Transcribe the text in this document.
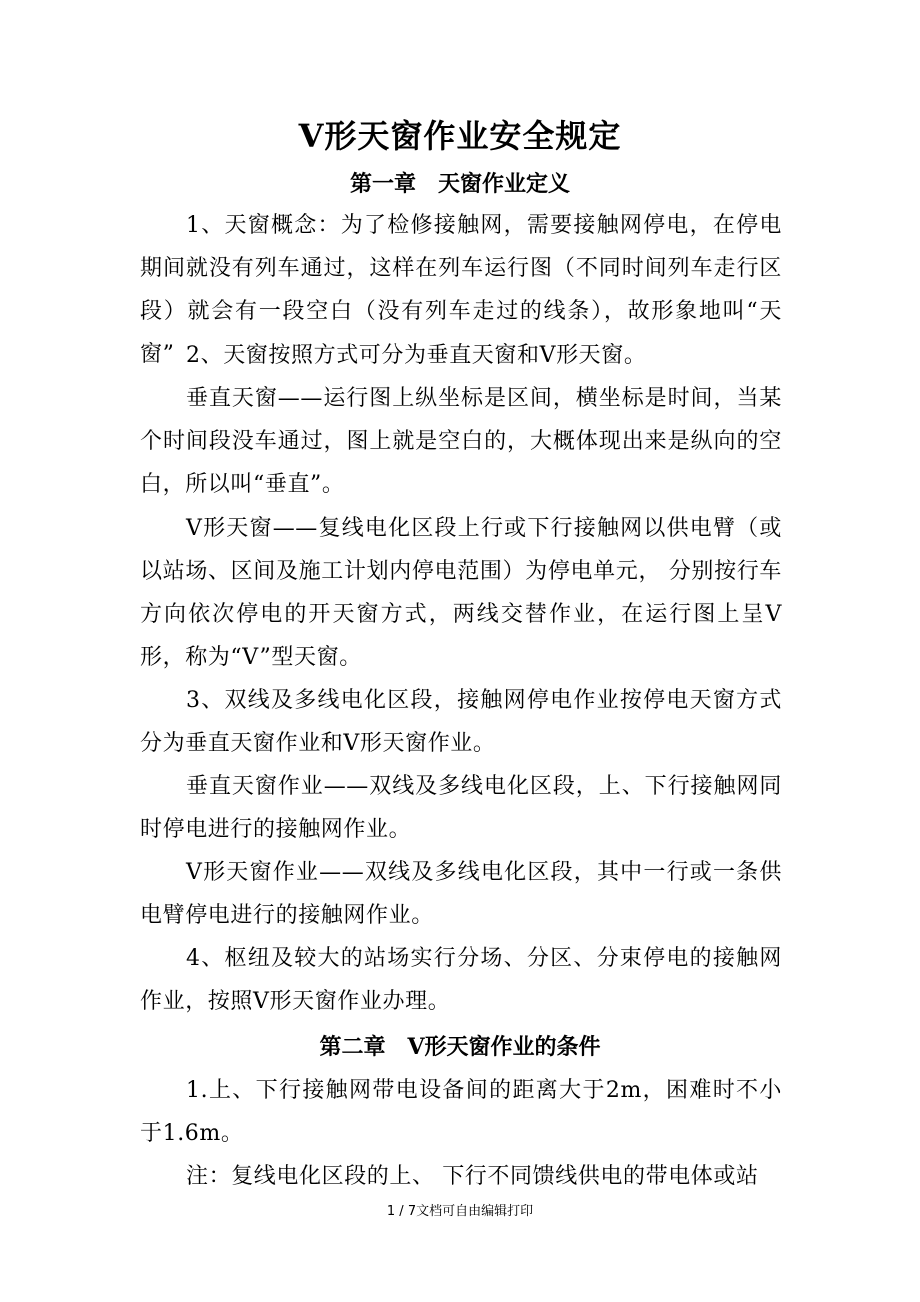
V形天窗作业安全规定
第一章　天窗作业定义
1、天窗概念：为了检修接触网，需要接触网停电，在停电期间就没有列车通过，这样在列车运行图（不同时间列车走行区段）就会有一段空白（没有列车走过的线条），故形象地叫“天窗” 2、天窗按照方式可分为垂直天窗和V形天窗。
垂直天窗——运行图上纵坐标是区间，横坐标是时间，当某个时间段没车通过，图上就是空白的，大概体现出来是纵向的空白，所以叫“垂直”。
V形天窗——复线电化区段上行或下行接触网以供电臂（或以站场、区间及施工计划内停电范围）为停电单元， 分别按行车方向依次停电的开天窗方式，两线交替作业，在运行图上呈V形，称为“V”型天窗。
3、双线及多线电化区段，接触网停电作业按停电天窗方式分为垂直天窗作业和V形天窗作业。
垂直天窗作业——双线及多线电化区段，上、下行接触网同时停电进行的接触网作业。
V形天窗作业——双线及多线电化区段，其中一行或一条供电臂停电进行的接触网作业。
4、枢纽及较大的站场实行分场、分区、分束停电的接触网作业，按照V形天窗作业办理。
第二章　V形天窗作业的条件
1.上、下行接触网带电设备间的距离大于2m，困难时不小于1.6m。
注：复线电化区段的上、 下行不同馈线供电的带电体或站
1 / 7文档可自由编辑打印
